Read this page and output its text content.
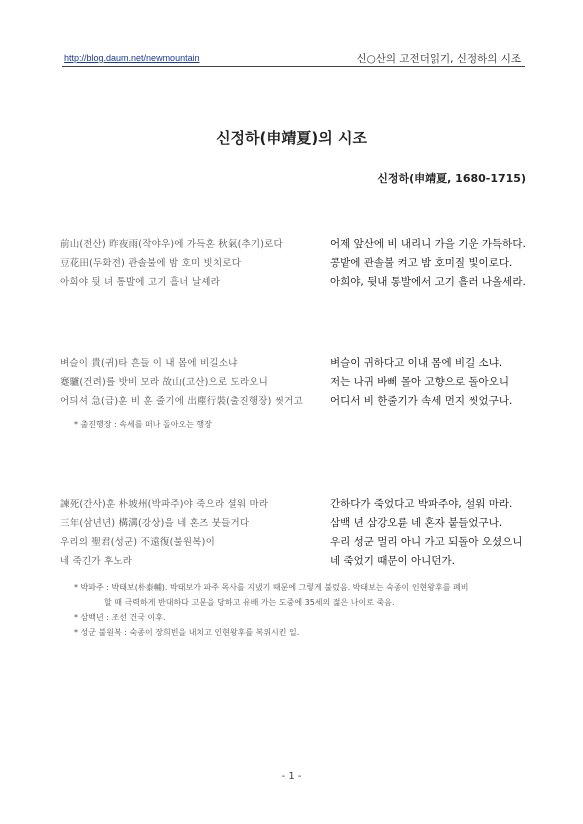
http://blog.daum.net/newmountain	신○산의 고전더읽기, 신정하의 시조
신정하(申靖夏)의 시조
신정하(申靖夏, 1680-1715)
前山(전산) 昨夜雨(작야우)에 가득혼 秋氣(추기)로다	어제 앞산에 비 내리니 가을 기운 가득하다.
豆花田(두화전) 관솔불에 밤 호미 빗치로다	콩밭에 관솔불 켜고 밤 호미질 빛이로다.
아희야 뒷 녀 통발에 고기 흘너 날셰라	아희야, 뒷내 통발에서 고기 흘러 나올세라.
벼슬이 貴(귀)타 흔들 이 내 몸에 비길소냐	벼슬이 귀하다고 이내 몸에 비길 소냐.
蹇驢(건려)를 밧비 모라 故山(고산)으로 도라오니	저는 나귀 바삐 몰아 고향으로 돌아오니
어듸셔 急(급)훈 비 훈 줄기에 出塵行裝(출진행장) 씻거고	어디서 비 한줄기가 속세 먼지 씻었구나.
* 출진행장 : 속세를 떠나 돌아오는 행장
諫死(간사)훈 朴坡州(박파주)야 죽으라 셜워 마라	간하다가 죽었다고 박파주야, 설워 마라.
三年(삼년년) 構溝(강상)을 네 혼즈 붓들거다	삼백 년 삼강오륜 네 혼자 붙들었구나.
우리의 聖君(성군) 不遠復(불원복)이	우리 성군 멀리 아니 가고 되돌아 오셨으니
네 죽긴가 후노라	네 죽었기 때문이 아니던가.
* 박파주 : 박태보(朴泰輔). 박태보가 파주 목사를 지냈기 때문에 그렇게 불렀음. 박태보는 숙종이 인현왕후를 폐비
할 때 극력하게 반대하다 고문을 당하고 유배 가는 도중에 35세의 젊은 나이로 죽음.
* 삼백년 : 조선 건국 이후.
* 성군 불원복 : 숙종이 장희빈을 내치고 인현왕후를 복위시킨 일.
- 1 -
